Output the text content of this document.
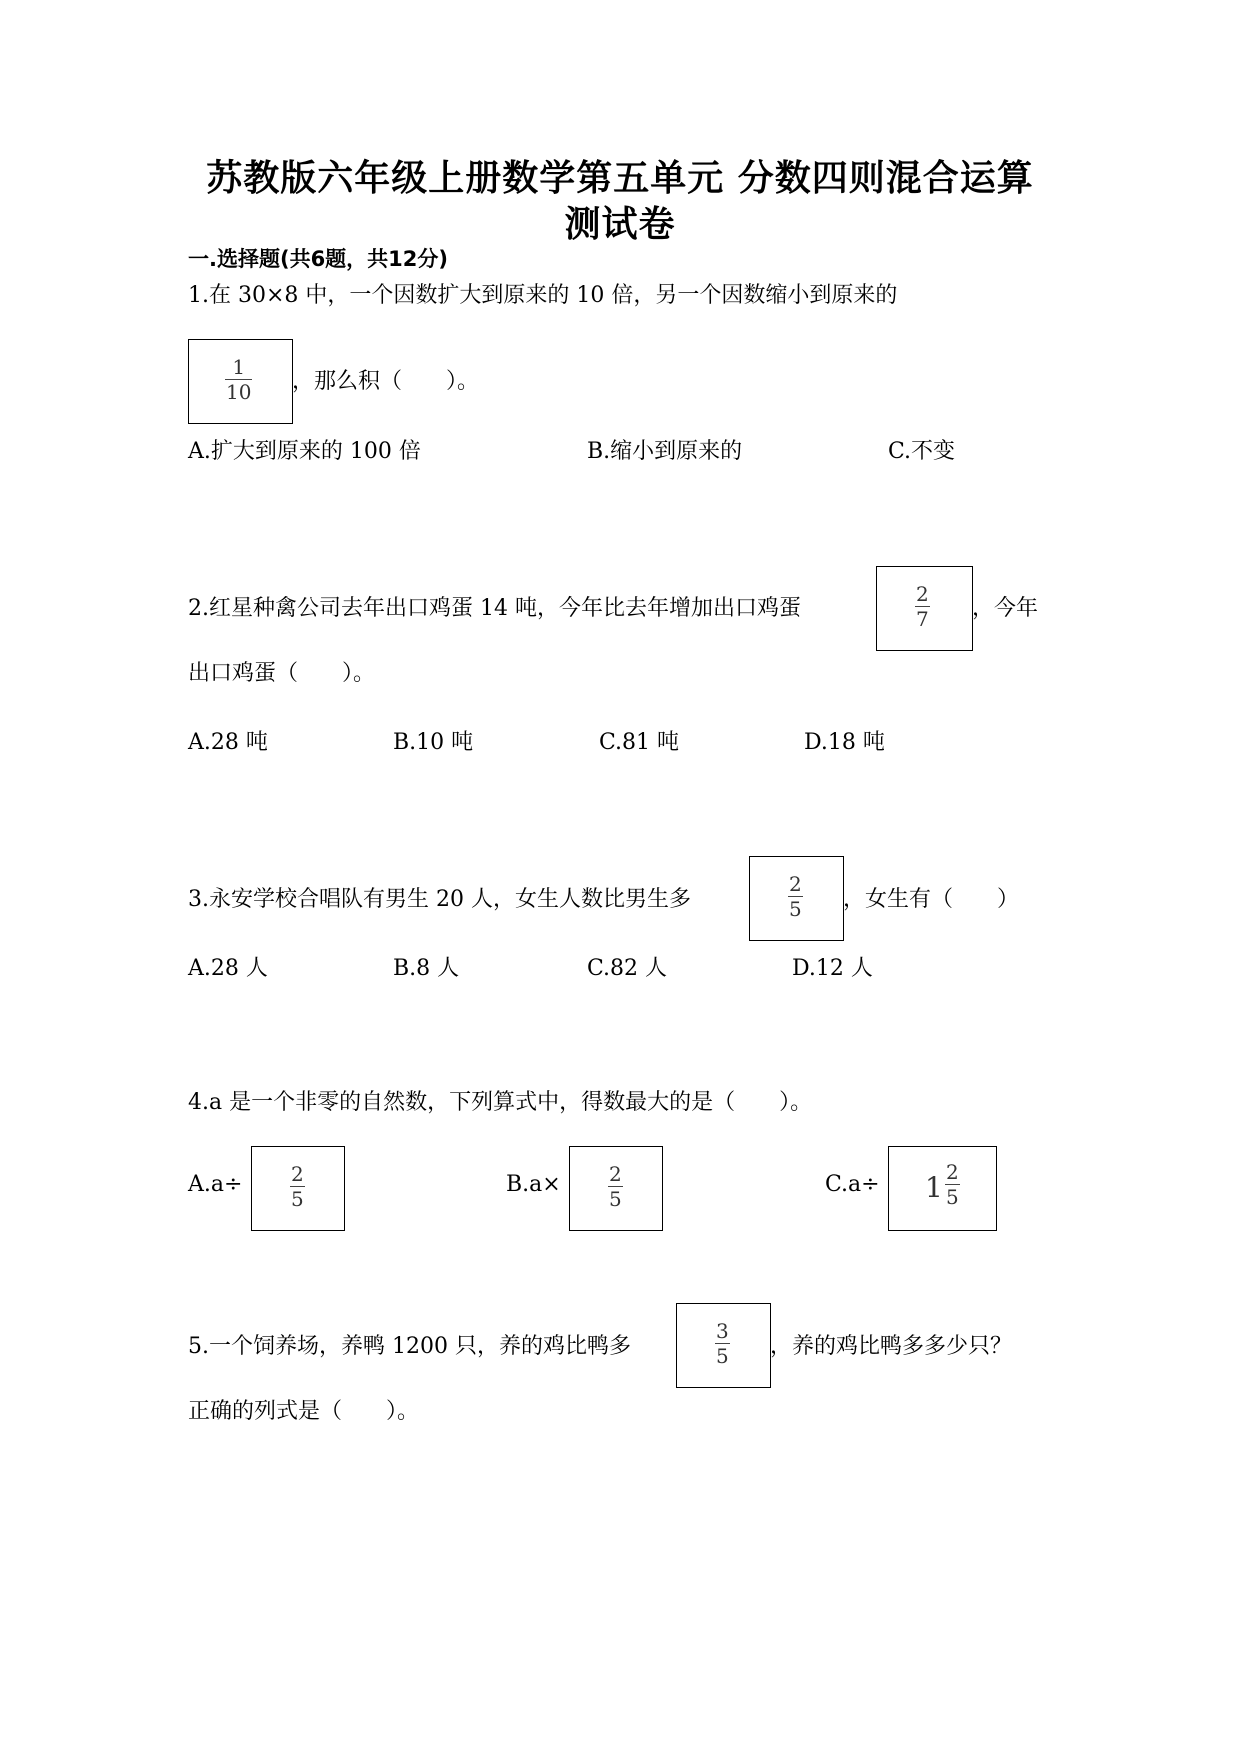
苏教版六年级上册数学第五单元 分数四则混合运算
测试卷
一.选择题(共6题，共12分)
1.在 30×8 中，一个因数扩大到原来的 10 倍，另一个因数缩小到原来的
1
10 ，那么积（　　）。
A.扩大到原来的 100 倍	B.缩小到原来的	C.不变
2.红星种禽公司去年出口鸡蛋 14 吨，今年比去年增加出口鸡蛋
2
7 ，今年
出口鸡蛋（　　）。
A.28 吨	B.10 吨	C.81 吨	D.18 吨
3.永安学校合唱队有男生 20 人，女生人数比男生多
2
5 ，女生有（　　）
A.28 人	B.8 人	C.82 人	D.12 人
4.a 是一个非零的自然数，下列算式中，得数最大的是（　　）。
A.a÷ 2
5
B.a× 2
5
C.a÷ 1 2
5
5.一个饲养场，养鸭 1200 只，养的鸡比鸭多
3
5 ，养的鸡比鸭多多少只？
正确的列式是（　　）。
